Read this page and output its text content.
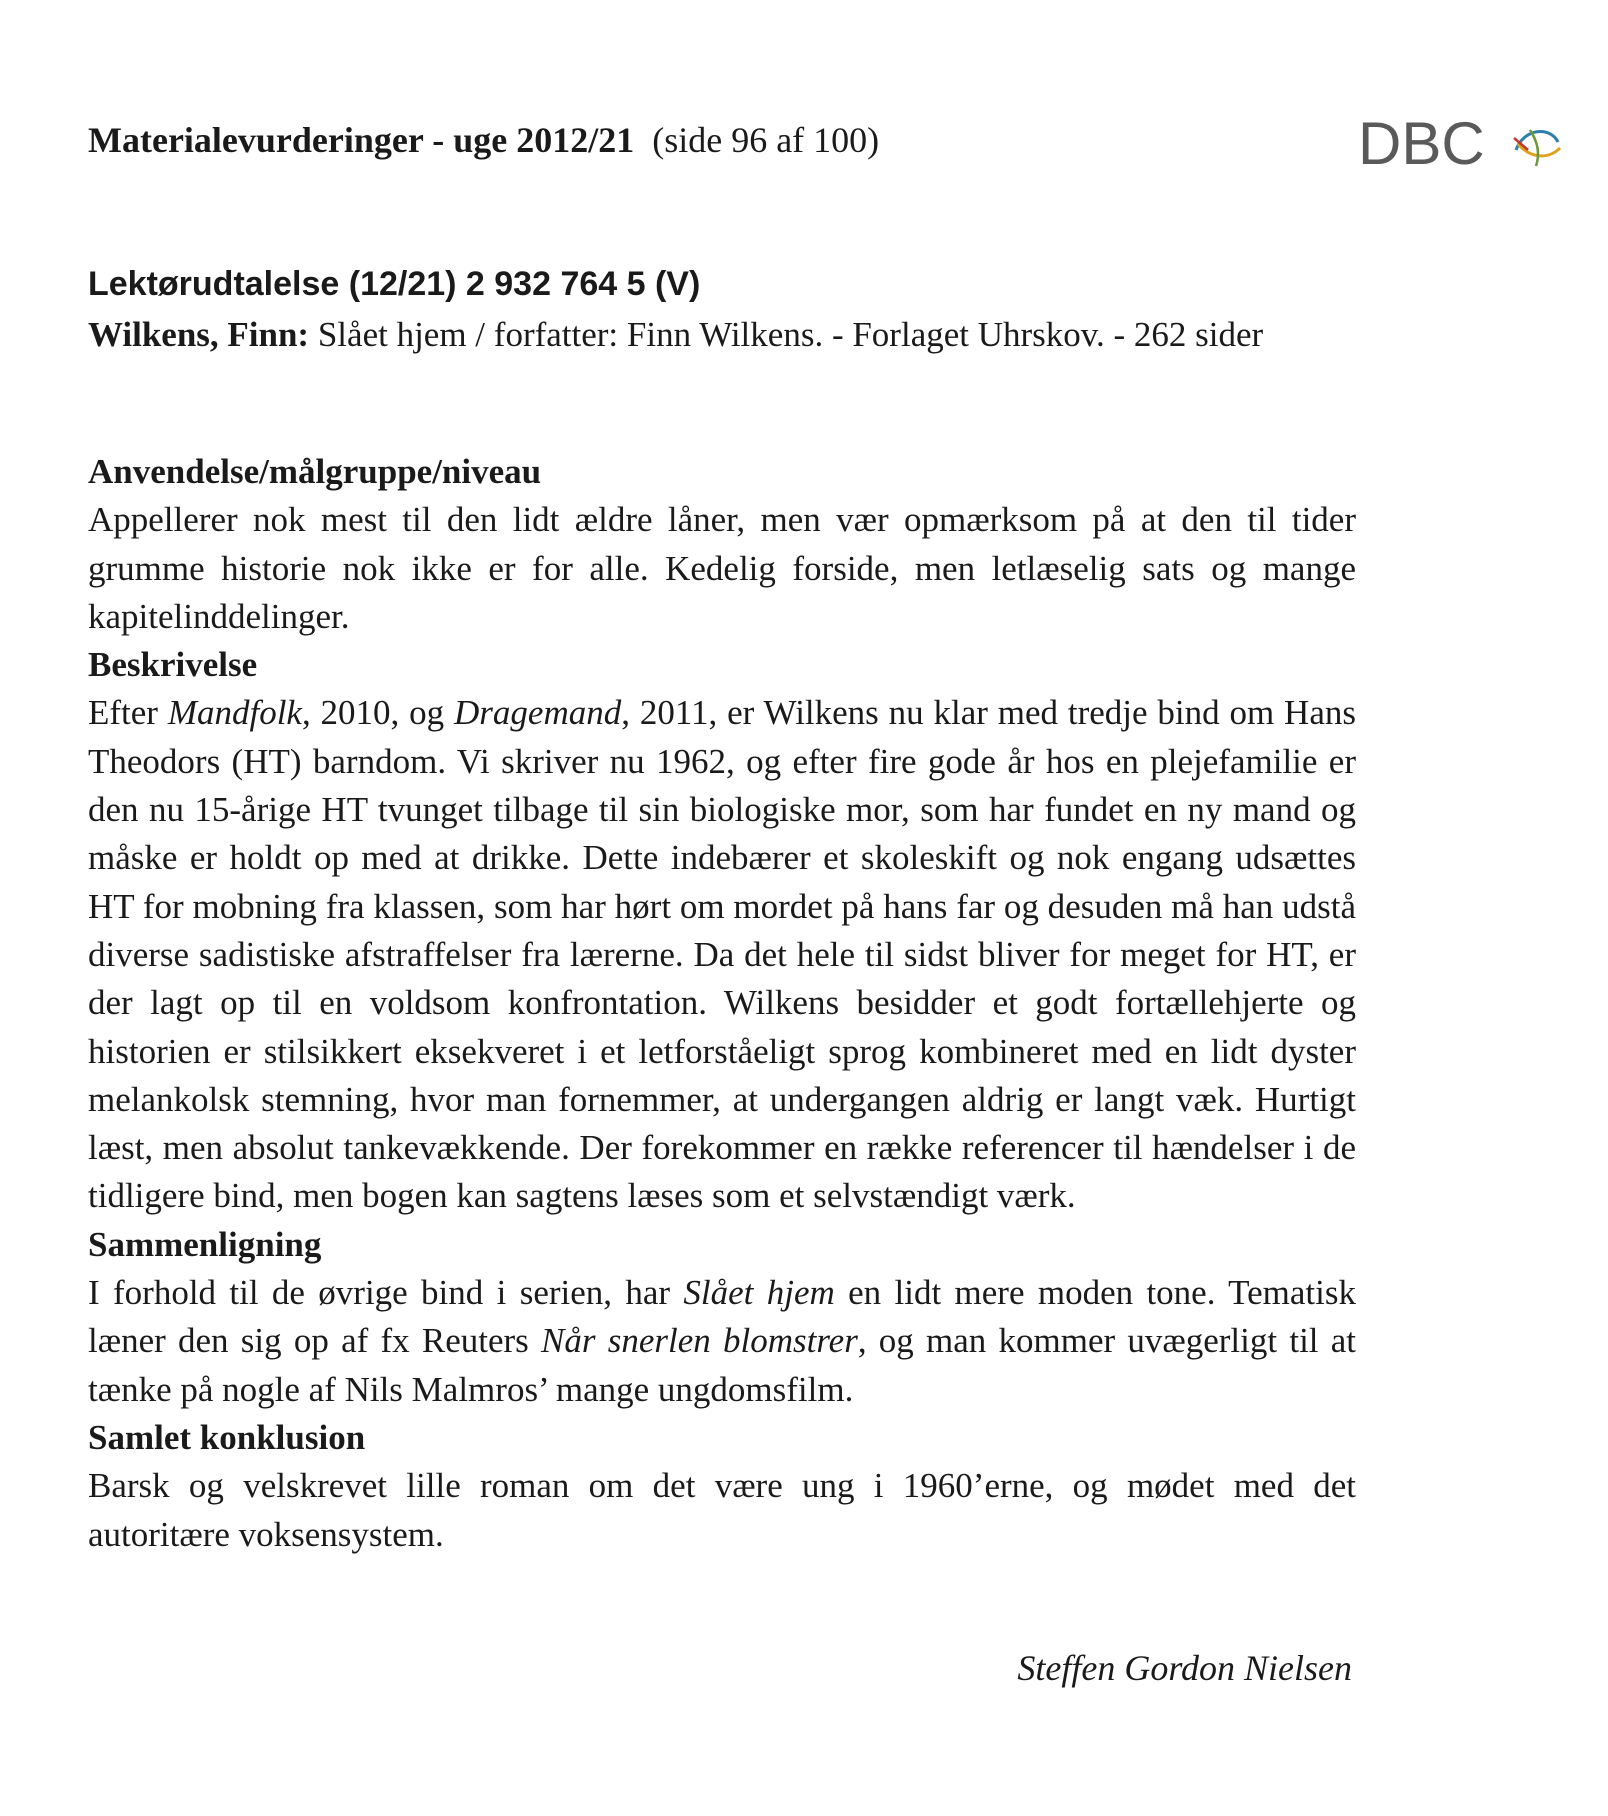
Materialevurderinger - uge 2012/21 (side 96 af 100)	DBC
Lektørudtalelse (12/21) 2 932 764 5 (V)
Wilkens, Finn: Slået hjem / forfatter: Finn Wilkens. - Forlaget Uhrskov. - 262 sider

Anvendelse/målgruppe/niveau

Appellerer nok mest til den lidt ældre låner, men vær opmærksom på at den til tider grumme historie nok ikke er for alle. Kedelig forside, men letlæselig sats og mange kapitelinddelinger.

Beskrivelse

Efter Mandfolk, 2010, og Dragemand, 2011, er Wilkens nu klar med tredje bind om Hans Theodors (HT) barndom. Vi skriver nu 1962, og efter fire gode år hos en plejefamilie er den nu 15-årige HT tvunget tilbage til sin biologiske mor, som har fundet en ny mand og måske er holdt op med at drikke. Dette indebærer et skoleskift og nok engang udsættes HT for mobning fra klassen, som har hørt om mordet på hans far og desuden må han udstå diverse sadistiske afstraffelser fra lærerne. Da det hele til sidst bliver for meget for HT, er der lagt op til en voldsom konfrontation. Wilkens besidder et godt fortællehjerte og historien er stilsikkert eksekveret i et letforståeligt sprog kombineret med en lidt dyster melankolsk stemning, hvor man fornemmer, at undergangen aldrig er langt væk. Hurtigt læst, men absolut tankevækkende. Der forekommer en række referencer til hændelser i de tidligere bind, men bogen kan sagtens læses som et selvstændigt værk.

Sammenligning

I forhold til de øvrige bind i serien, har Slået hjem en lidt mere moden tone. Tematisk læner den sig op af fx Reuters Når snerlen blomstrer, og man kommer uvægerligt til at tænke på nogle af Nils Malmros’ mange ungdomsfilm.

Samlet konklusion

Barsk og velskrevet lille roman om det være ung i 1960’erne, og mødet med det autoritære voksensystem.

Steffen Gordon Nielsen
